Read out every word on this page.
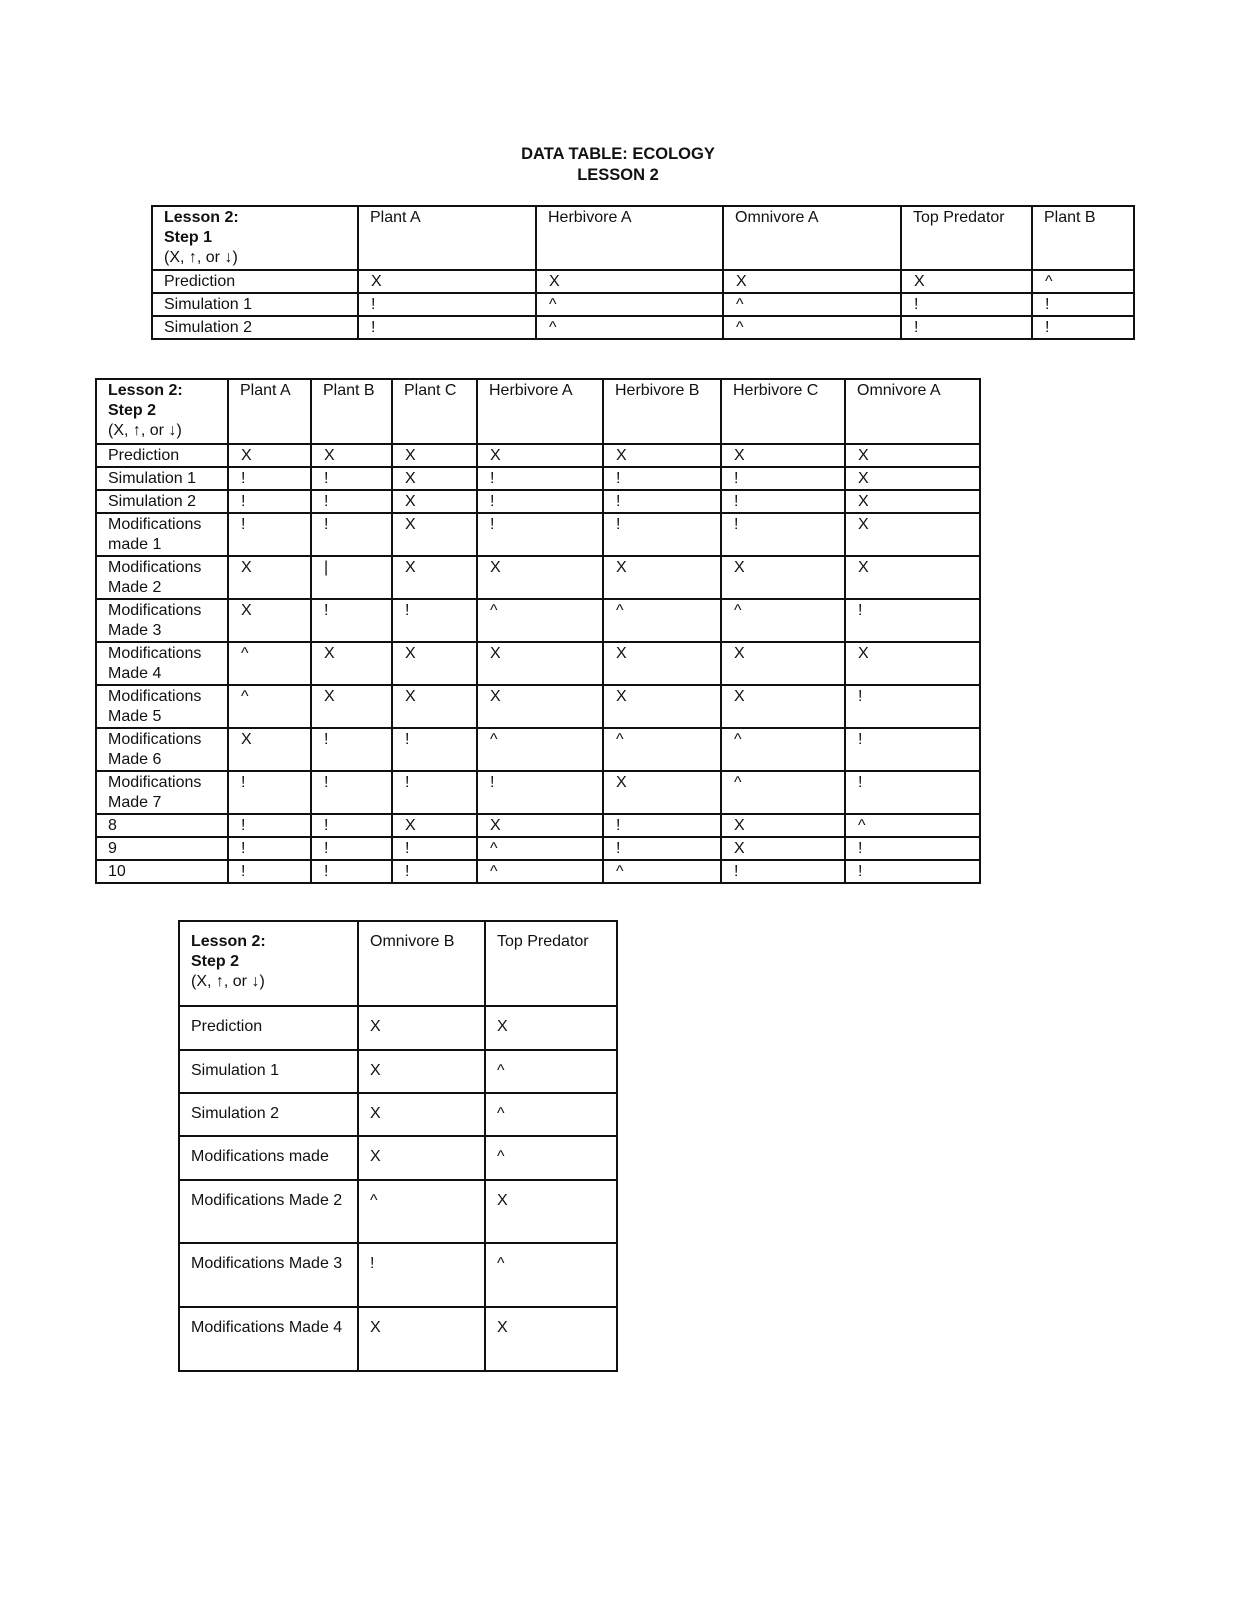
DATA TABLE: ECOLOGY
LESSON 2
Lesson 2:
Step 1
(X, ↑, or ↓)	Plant A	Herbivore A	Omnivore A	Top Predator	Plant B
Prediction	X	X	X	X	^
Simulation 1	!	^	^	!	!
Simulation 2	!	^	^	!	!
Lesson 2:
Step 2
(X, ↑, or ↓)	Plant A	Plant B	Plant C	Herbivore A	Herbivore B	Herbivore C	Omnivore A
Prediction	X	X	X	X	X	X	X
Simulation 1	!	!	X	!	!	!	X
Simulation 2	!	!	X	!	!	!	X
Modifications made 1	!	!	X	!	!	!	X
Modifications Made 2	X	|	X	X	X	X	X
Modifications Made 3	X	!	!	^	^	^	!
Modifications Made 4	^	X	X	X	X	X	X
Modifications Made 5	^	X	X	X	X	X	!
Modifications Made 6	X	!	!	^	^	^	!
Modifications Made 7	!	!	!	!	X	^	!
8	!	!	X	X	!	X	^
9	!	!	!	^	!	X	!
10	!	!	!	^	^	!	!
Lesson 2:
Step 2
(X, ↑, or ↓)	Omnivore B	Top Predator
Prediction	X	X
Simulation 1	X	^
Simulation 2	X	^
Modifications made	X	^
Modifications Made 2	^	X
Modifications Made 3	!	^
Modifications Made 4	X	X
